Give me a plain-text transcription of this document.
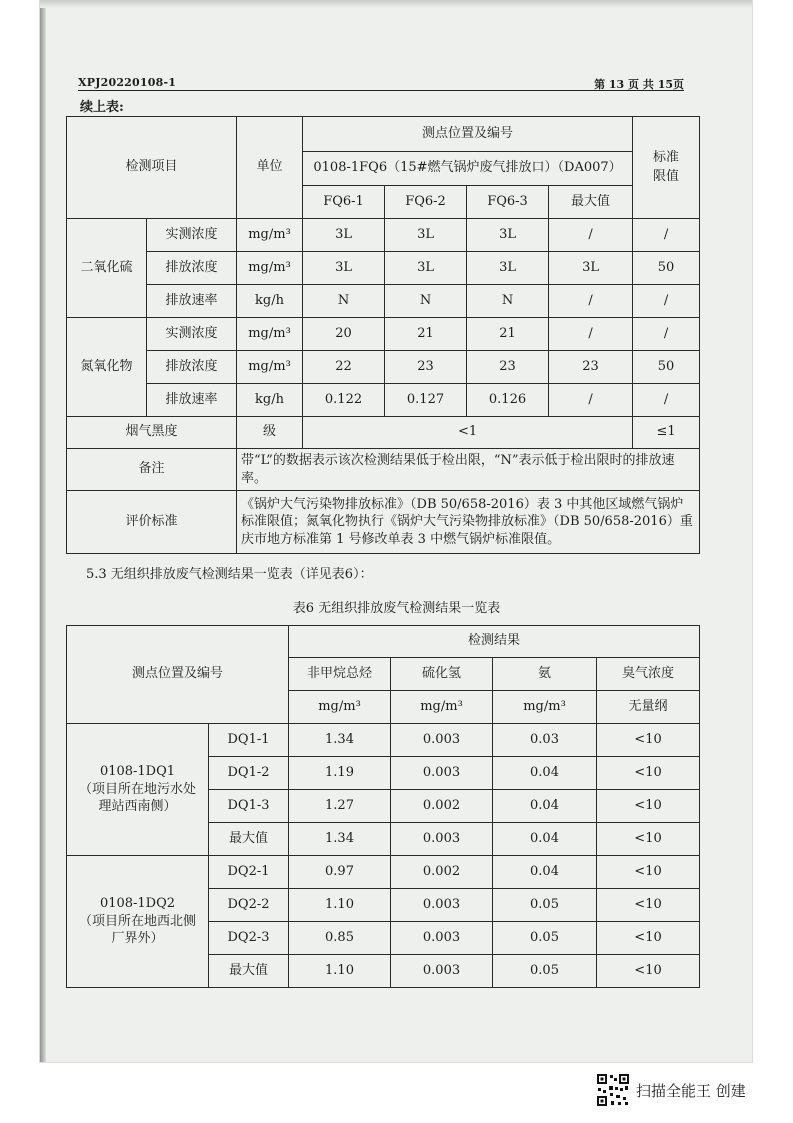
XPJ20220108-1	第 13 页 共 15页
续上表:
检测项目		单位	测点位置及编号				标准限值
			0108-1FQ6（15#燃气锅炉废气排放口）（DA007）				
			FQ6-1	FQ6-2	FQ6-3	最大值	
二氧化硫	实测浓度	mg/m³	3L	3L	3L	/	/
	排放浓度	mg/m³	3L	3L	3L	3L	50
	排放速率	kg/h	N	N	N	/	/
氮氧化物	实测浓度	mg/m³	20	21	21	/	/
	排放浓度	mg/m³	22	23	23	23	50
	排放速率	kg/h	0.122	0.127	0.126	/	/
烟气黑度		级	<1				≤1
备注		带“L”的数据表示该次检测结果低于检出限，“N”表示低于检出限时的排放速率。					
评价标准		《锅炉大气污染物排放标准》（DB 50/658-2016）表 3 中其他区域燃气锅炉标准限值；氮氧化物执行《锅炉大气污染物排放标准》（DB 50/658-2016）重庆市地方标准第 1 号修改单表 3 中燃气锅炉标准限值。					
5.3 无组织排放废气检测结果一览表（详见表6）：
表6 无组织排放废气检测结果一览表
测点位置及编号		检测结果			
		非甲烷总烃	硫化氢	氨	臭气浓度
		mg/m³	mg/m³	mg/m³	无量纲
0108-1DQ1
（项目所在地污水处理站西南侧）	DQ1-1	1.34	0.003	0.03	<10
	DQ1-2	1.19	0.003	0.04	<10
	DQ1-3	1.27	0.002	0.04	<10
	最大值	1.34	0.003	0.04	<10
0108-1DQ2
（项目所在地西北侧厂界外）	DQ2-1	0.97	0.002	0.04	<10
	DQ2-2	1.10	0.003	0.05	<10
	DQ2-3	0.85	0.003	0.05	<10
	最大值	1.10	0.003	0.05	<10
扫描全能王 创建
